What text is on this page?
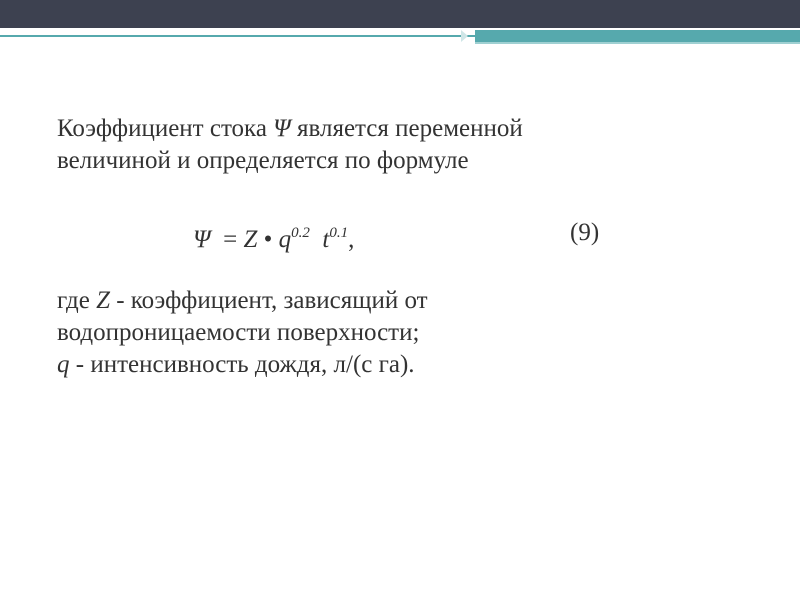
Коэффициент стока Ψ является переменной
величиной и определяется по формуле

Ψ  = Z • $q^{0.2}$ $t^{0.1}$,	(9)

где Z - коэффициент, зависящий от
водопроницаемости поверхности;
q - интенсивность дождя, л/(с га).
